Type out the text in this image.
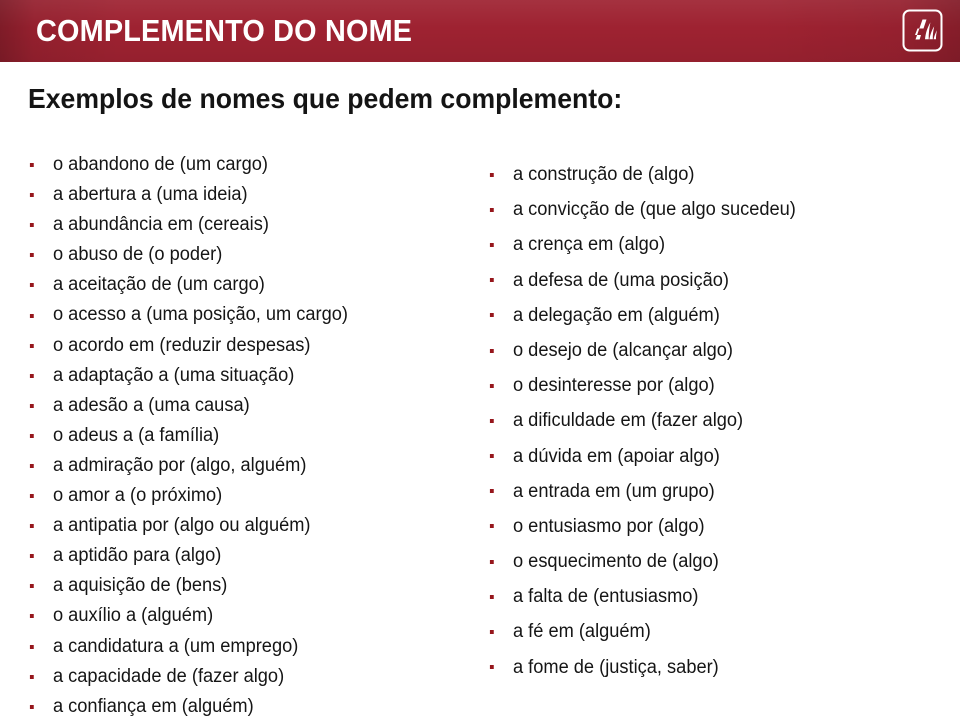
COMPLEMENTO DO NOME
Exemplos de nomes que pedem complemento:
o abandono de (um cargo)
a abertura a (uma ideia)
a abundância em (cereais)
o abuso de (o poder)
a aceitação de (um cargo)
o acesso a (uma posição, um cargo)
o acordo em (reduzir despesas)
a adaptação a (uma situação)
a adesão a (uma causa)
o adeus a (a família)
a admiração por (algo, alguém)
o amor a (o próximo)
a antipatia por (algo ou alguém)
a aptidão para (algo)
a aquisição de (bens)
o auxílio a (alguém)
a candidatura a (um emprego)
a capacidade de (fazer algo)
a confiança em (alguém)
a construção de (algo)
a convicção de (que algo sucedeu)
a crença em (algo)
a defesa de (uma posição)
a delegação em (alguém)
o desejo de (alcançar algo)
o desinteresse por (algo)
a dificuldade em (fazer algo)
a dúvida em (apoiar algo)
a entrada em (um grupo)
o entusiasmo por (algo)
o esquecimento de (algo)
a falta de (entusiasmo)
a fé em (alguém)
a fome de (justiça, saber)
